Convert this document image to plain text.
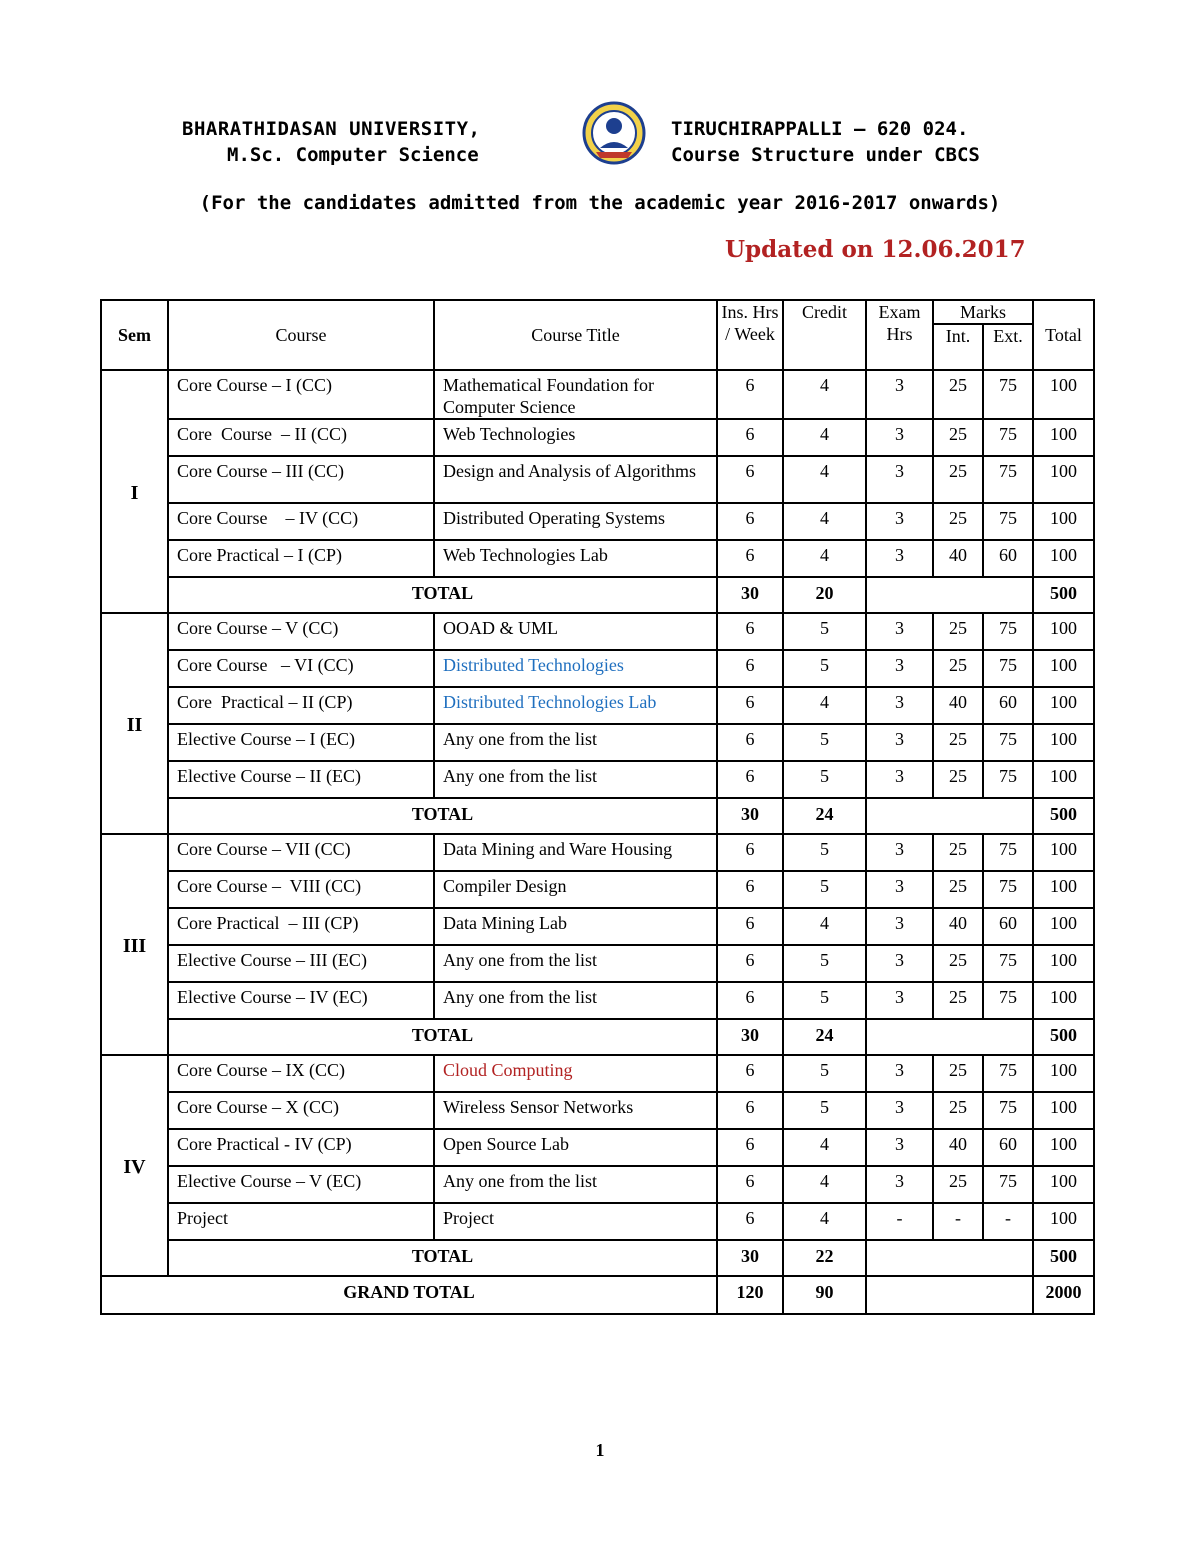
BHARATHIDASAN UNIVERSITY,	TIRUCHIRAPPALLI – 620 024.
M.Sc. Computer Science	Course Structure under CBCS
(For the candidates admitted from the academic year 2016-2017 onwards)
Updated on 12.06.2017
Sem	Course	Course Title	Ins. Hrs / Week	Credit	Exam Hrs	Marks		Total
						Int.	Ext.	
I	Core Course – I (CC)	Mathematical Foundation for Computer Science	6	4	3	25	75	100
	Core  Course  – II (CC)	Web Technologies	6	4	3	25	75	100
	Core Course – III (CC)	Design and Analysis of Algorithms	6	4	3	25	75	100
	Core Course    – IV (CC)	Distributed Operating Systems	6	4	3	25	75	100
	Core Practical – I (CP)	Web Technologies Lab	6	4	3	40	60	100
	TOTAL		30	20				500
II	Core Course – V (CC)	OOAD & UML	6	5	3	25	75	100
	Core Course   – VI (CC)	Distributed Technologies	6	5	3	25	75	100
	Core  Practical – II (CP)	Distributed Technologies Lab	6	4	3	40	60	100
	Elective Course – I (EC)	Any one from the list	6	5	3	25	75	100
	Elective Course – II (EC)	Any one from the list	6	5	3	25	75	100
	TOTAL		30	24				500
III	Core Course – VII (CC)	Data Mining and Ware Housing	6	5	3	25	75	100
	Core Course –  VIII (CC)	Compiler Design	6	5	3	25	75	100
	Core Practical  – III (CP)	Data Mining Lab	6	4	3	40	60	100
	Elective Course – III (EC)	Any one from the list	6	5	3	25	75	100
	Elective Course – IV (EC)	Any one from the list	6	5	3	25	75	100
	TOTAL		30	24				500
IV	Core Course – IX (CC)	Cloud Computing	6	5	3	25	75	100
	Core Course – X (CC)	Wireless Sensor Networks	6	5	3	25	75	100
	Core Practical - IV (CP)	Open Source Lab	6	4	3	40	60	100
	Elective Course – V (EC)	Any one from the list	6	4	3	25	75	100
	Project	Project	6	4	-	-	-	100
	TOTAL		30	22				500
GRAND TOTAL			120	90				2000
1
